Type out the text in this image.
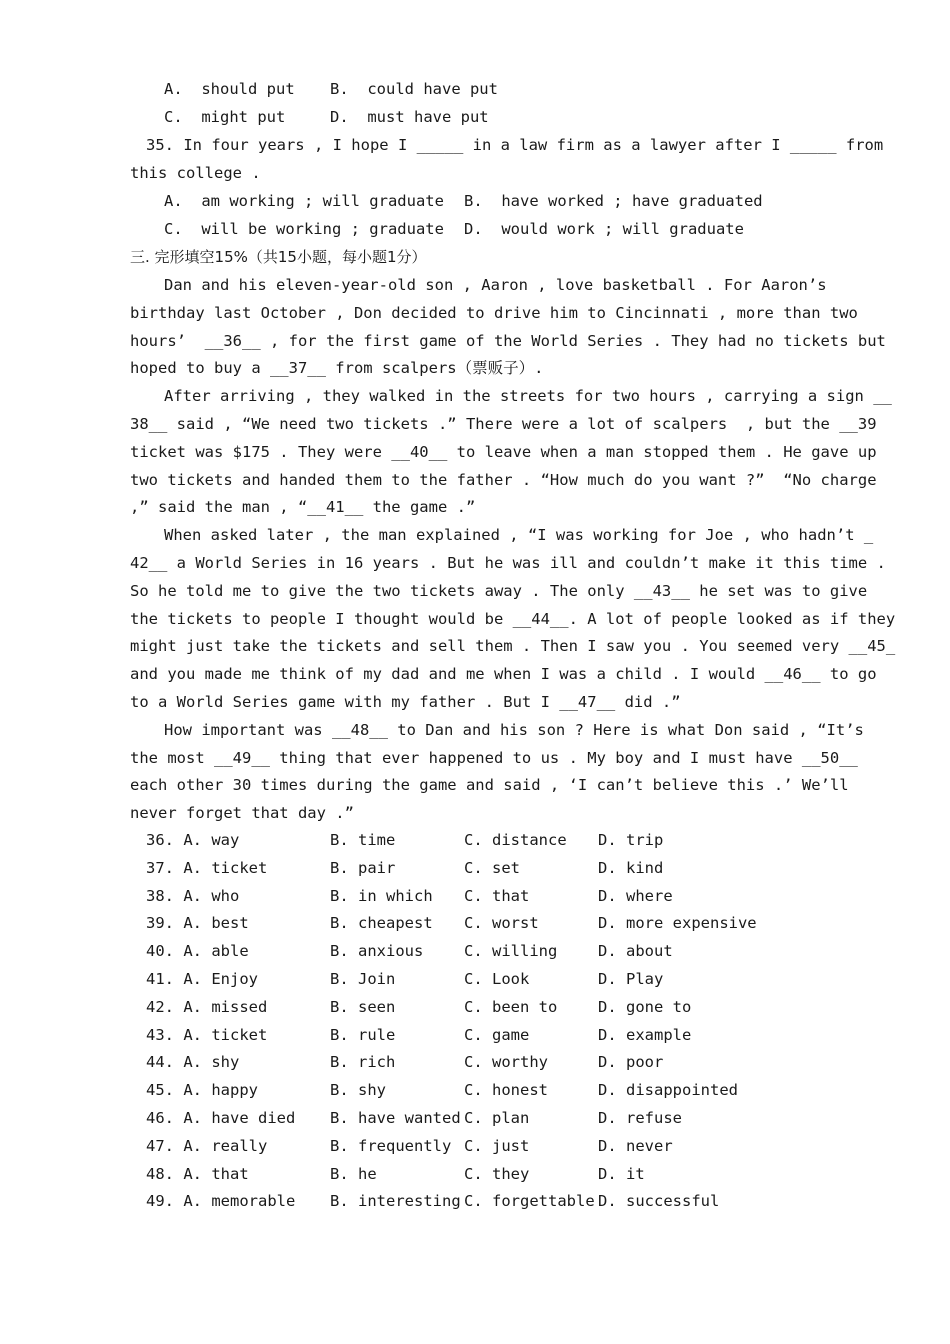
A.  should put	B.  could have put
C.  might put	D.  must have put
35. In four years , I hope I _____ in a law firm as a lawyer after I _____ from
this college .
A.  am working ; will graduate	B.  have worked ; have graduated
C.  will be working ; graduate	D.  would work ; will graduate
三. 完形填空15%（共15小题，每小题1分）
Dan and his eleven-year-old son , Aaron , love basketball . For Aaron’s
birthday last October , Don decided to drive him to Cincinnati , more than two
hours’  __36__ , for the first game of the World Series . They had no tickets but
hoped to buy a __37__ from scalpers（票贩子）.
After arriving , they walked in the streets for two hours , carrying a sign __
38__ said , “We need two tickets .” There were a lot of scalpers  , but the __39
ticket was $175 . They were __40__ to leave when a man stopped them . He gave up
two tickets and handed them to the father . “How much do you want ?”  “No charge
,” said the man , “__41__ the game .”
When asked later , the man explained , “I was working for Joe , who hadn’t _
42__ a World Series in 16 years . But he was ill and couldn’t make it this time .
So he told me to give the two tickets away . The only __43__ he set was to give
the tickets to people I thought would be __44__. A lot of people looked as if they
might just take the tickets and sell them . Then I saw you . You seemed very __45_
and you made me think of my dad and me when I was a child . I would __46__ to go
to a World Series game with my father . But I __47__ did .”
How important was __48__ to Dan and his son ? Here is what Don said , “It’s
the most __49__ thing that ever happened to us . My boy and I must have __50__
each other 30 times during the game and said , ‘I can’t believe this .’ We’ll
never forget that day .”
36. A. way	B. time	C. distance D. trip
37. A. ticket	B. pair	C. set	D. kind
38. A. who	B. in which C. that	D. where
39. A. best	B. cheapest C. worst	D. more expensive
40. A. able	B. anxious	C. willing	D. about
41. A. Enjoy	B. Join	C. Look	D. Play
42. A. missed	B. seen	C. been to	D. gone to
43. A. ticket	B. rule	C. game	D. example
44. A. shy	B. rich	C. worthy	D. poor
45. A. happy	B. shy	C. honest	D. disappointed
46. A. have died B. have wanted C. plan	D. refuse
47. A. really	B. frequently C. just	D. never
48. A. that	B. he	C. they	D. it
49. A. memorable B. interesting C. forgettable D. successful
